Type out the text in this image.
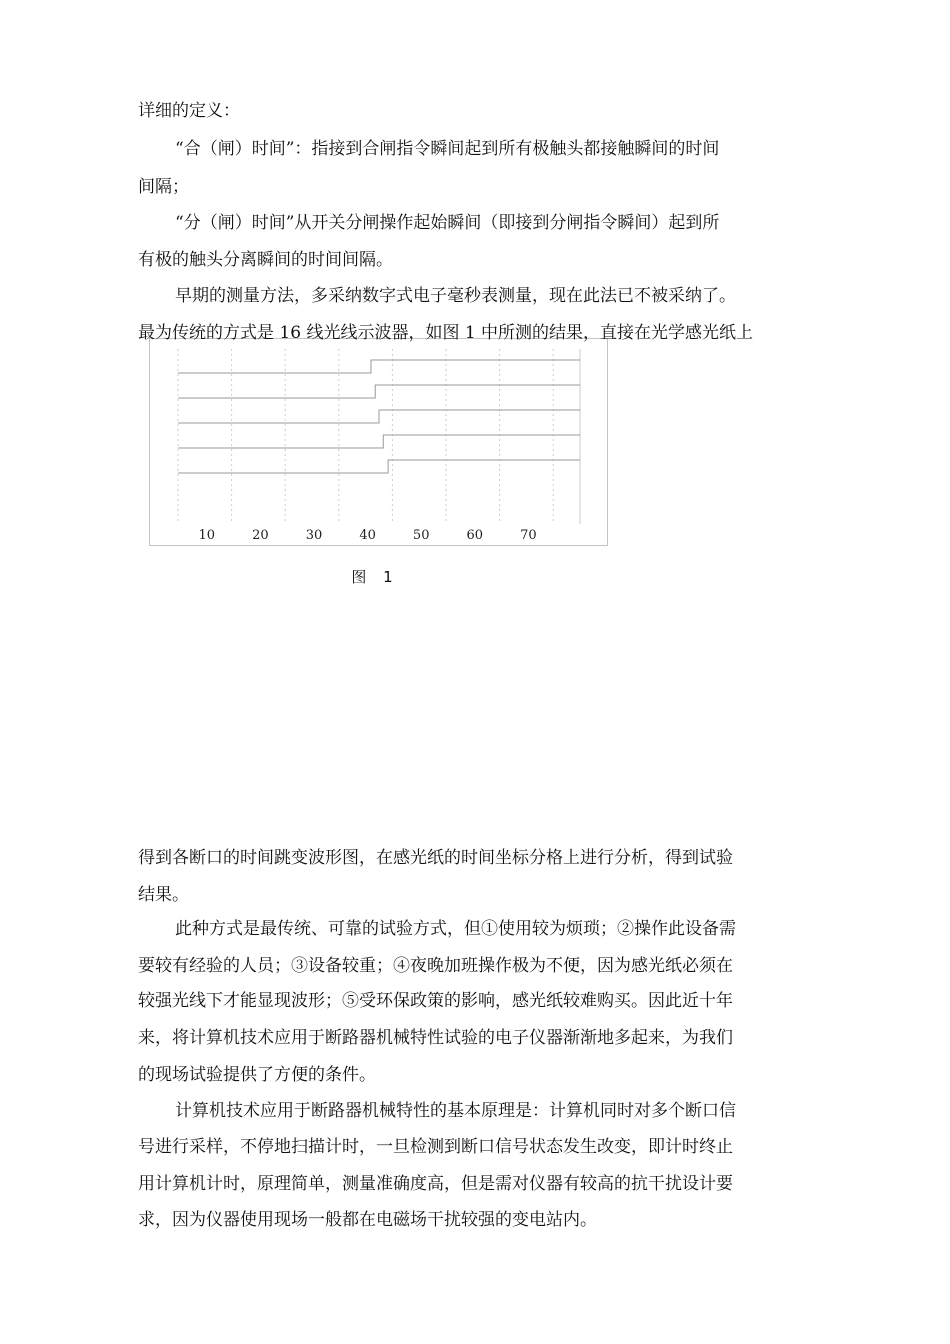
详细的定义：
“合（闸）时间”：指接到合闸指令瞬间起到所有极触头都接触瞬间的时间
间隔；
“分（闸）时间”从开关分闸操作起始瞬间（即接到分闸指令瞬间）起到所
有极的触头分离瞬间的时间间隔。
早期的测量方法，多采纳数字式电子毫秒表测量，现在此法已不被采纳了。
10	20	30	40	50	60	70
最为传统的方式是 16 线光线示波器，如图 1 中所测的结果，直接在光学感光纸上
图 1
得到各断口的时间跳变波形图，在感光纸的时间坐标分格上进行分析，得到试验
结果。
此种方式是最传统、可靠的试验方式，但①使用较为烦琐；②操作此设备需
要较有经验的人员；③设备较重；④夜晚加班操作极为不便，因为感光纸必须在
较强光线下才能显现波形；⑤受环保政策的影响，感光纸较难购买。因此近十年
来，将计算机技术应用于断路器机械特性试验的电子仪器渐渐地多起来，为我们
的现场试验提供了方便的条件。
计算机技术应用于断路器机械特性的基本原理是：计算机同时对多个断口信
号进行采样，不停地扫描计时，一旦检测到断口信号状态发生改变，即计时终止
用计算机计时，原理简单，测量准确度高，但是需对仪器有较高的抗干扰设计要
求，因为仪器使用现场一般都在电磁场干扰较强的变电站内。
